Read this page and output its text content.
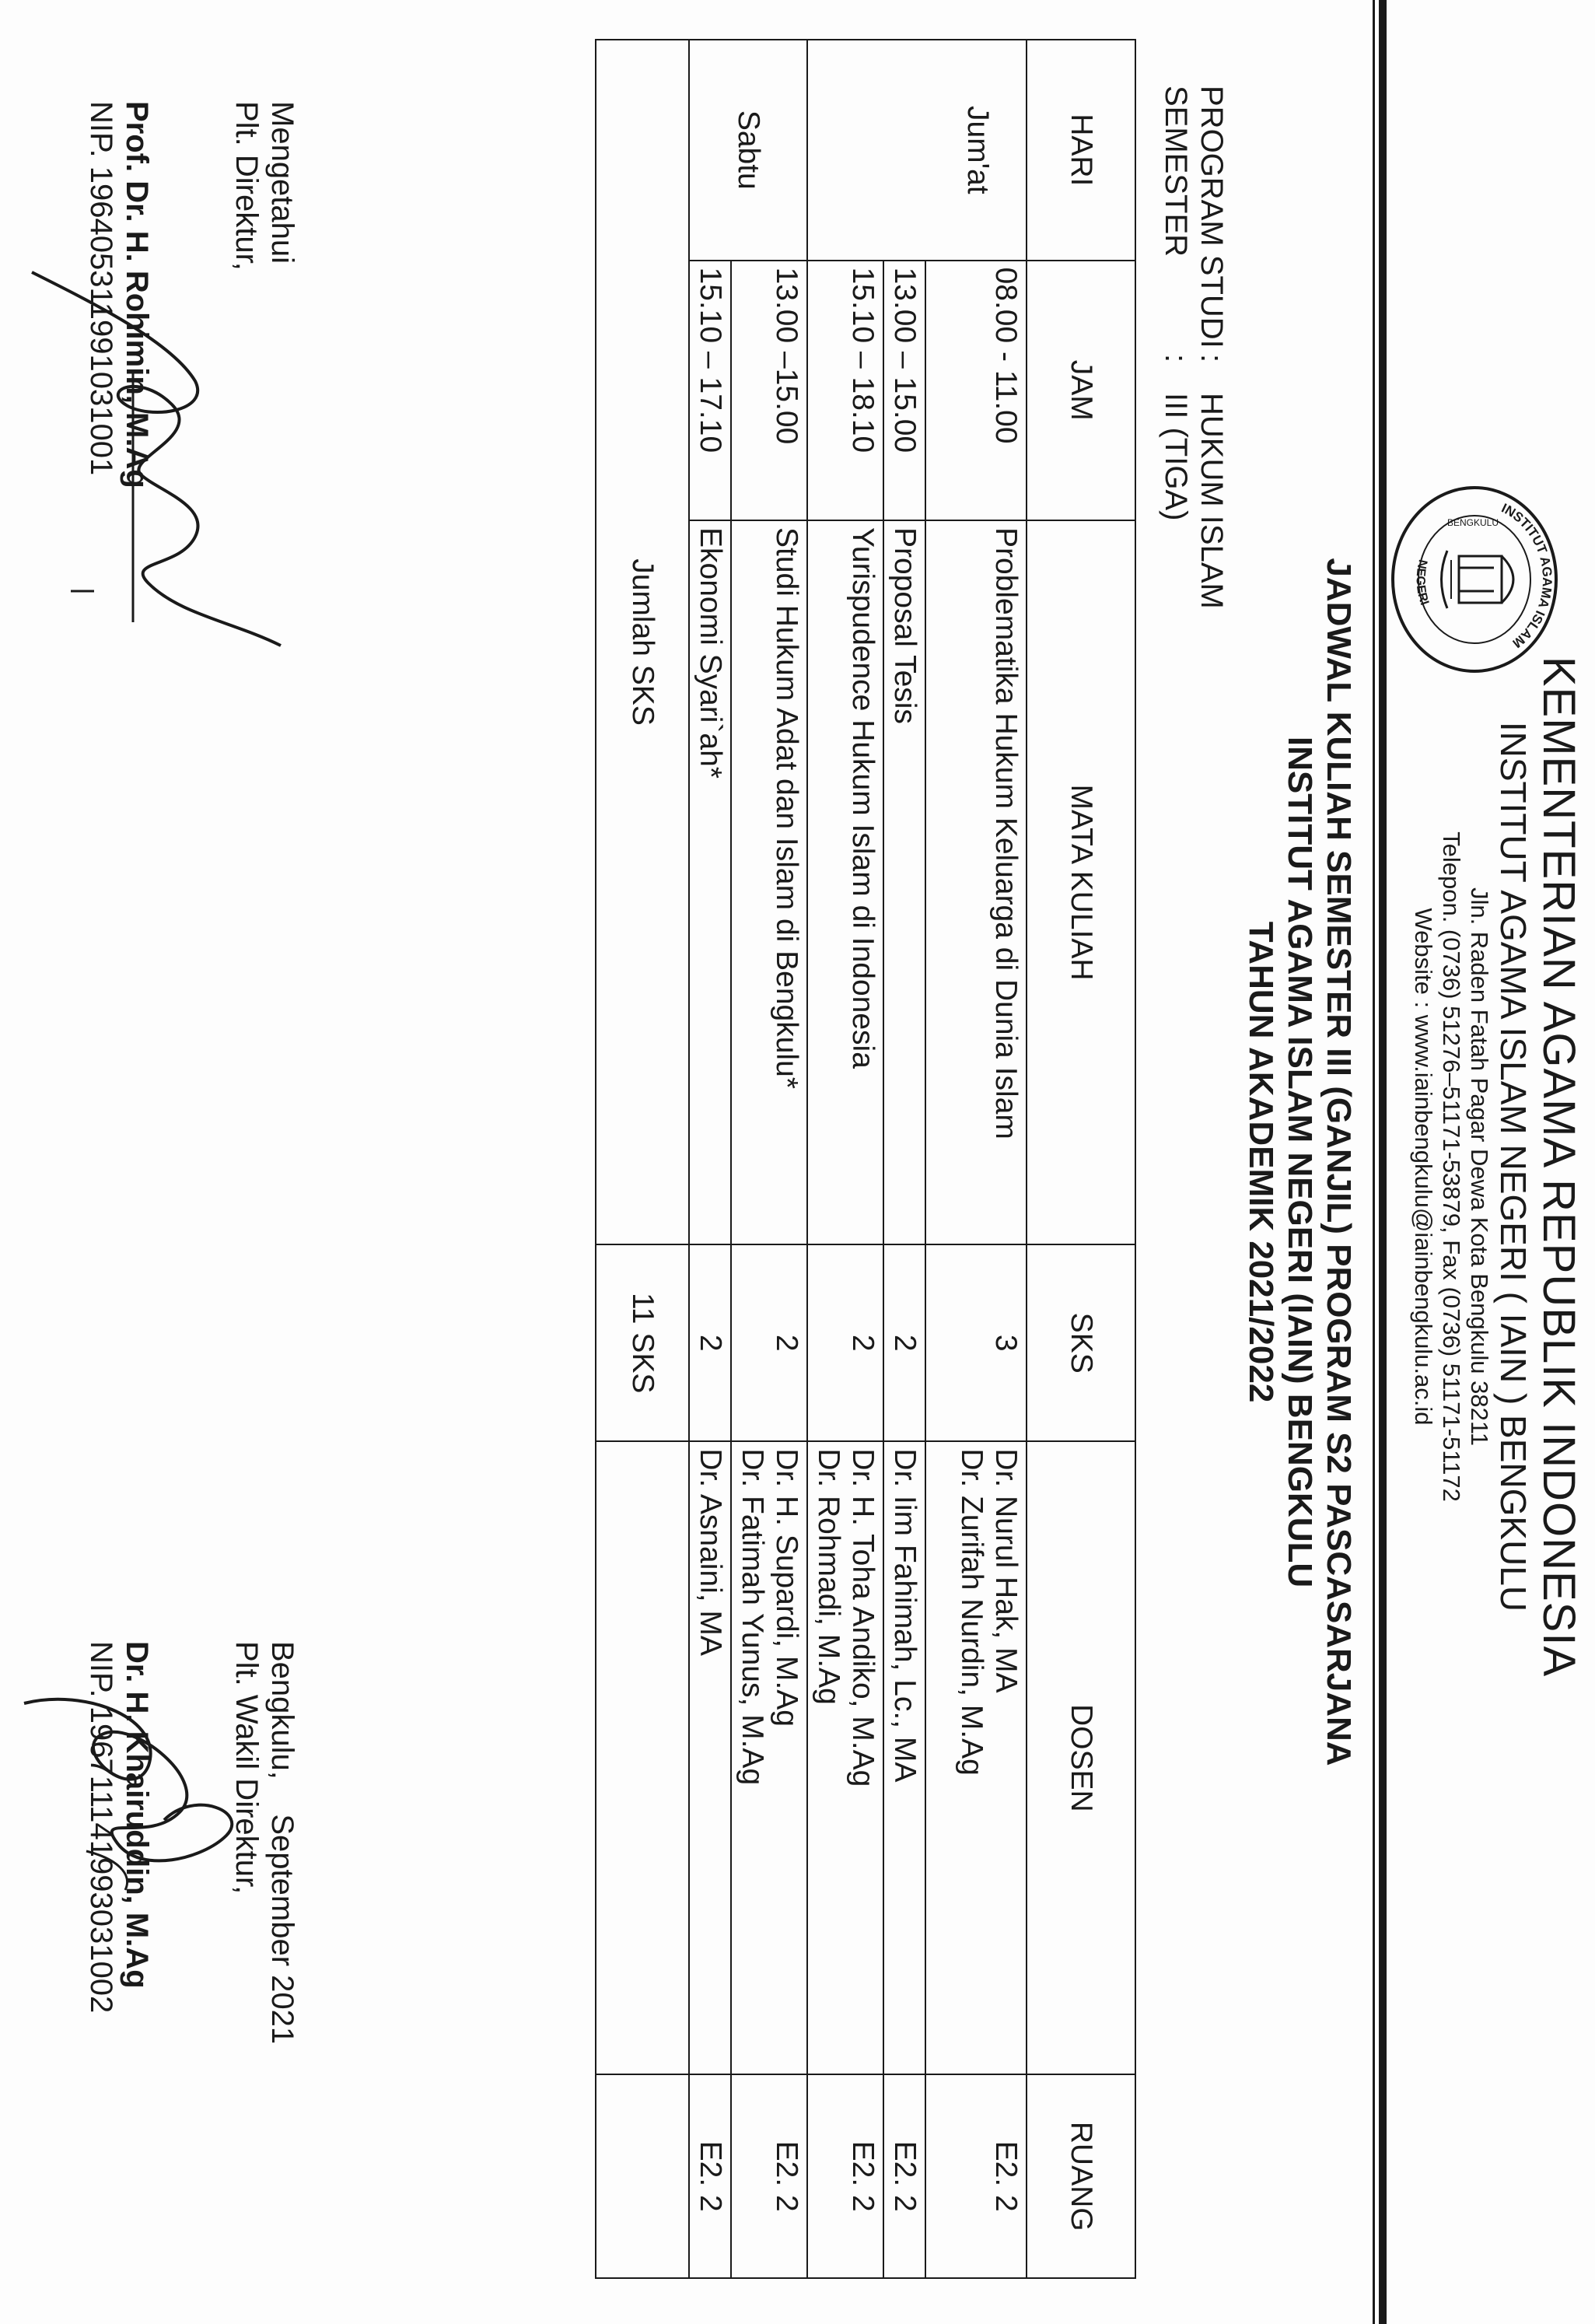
INSTITUT AGAMA ISLAM
NEGERI
BENGKULU

KEMENTERIAN AGAMA REPUBLIK INDONESIA

INSTITUT AGAMA ISLAM NEGERI ( IAIN ) BENGKULU

Jln. Raden Fatah Pagar Dewa Kota Bengkulu 38211

Telepon. (0736) 51276–51171-53879, Fax (0736) 51171-51172

Website : www.iainbengkulu@iainbengkulu.ac.id

JADWAL KULIAH SEMESTER III (GANJIL) PROGRAM S2 PASCASARJANA
INSTITUT AGAMA ISLAM NEGERI (IAIN) BENGKULU
TAHUN AKADEMIK 2021/2022
PROGRAM STUDI:HUKUM ISLAM
SEMESTER:III (TIGA)
HARI	JAM	MATA KULIAH	SKS	DOSEN	RUANG
Jum'at	08.00 - 11.00	Problematika Hukum Keluarga di Dunia Islam	3	Dr. Nurul Hak, MA
Dr. Zurifah Nurdin, M.Ag	E2. 2
	13.00 – 15.00	Proposal Tesis	2	Dr. Iim Fahimah, Lc., MA	E2. 2
	15.10 – 18.10	Yurispudence Hukum Islam di Indonesia	2	Dr. H. Toha Andiko, M.Ag
Dr. Rohmadi, M.Ag	E2. 2
Sabtu	13.00 –15.00	Studi Hukum Adat dan Islam di Bengkulu*	2	Dr. H. Supardi, M.Ag
Dr. Fatimah Yunus, M.Ag	E2. 2
	15.10 – 17.10	Ekonomi Syari`ah*	2	Dr. Asnaini, MA	E2. 2
Jumlah SKS			11 SKS		
Mengetahui
Plt. Direktur,
Prof. Dr. H. Rohimin, M.Ag
NIP. 196405311991031001
Bengkulu,    September 2021
Plt. Wakil Direktur,
Dr. H. Khairuddin, M.Ag
NIP. 196711141993031002
